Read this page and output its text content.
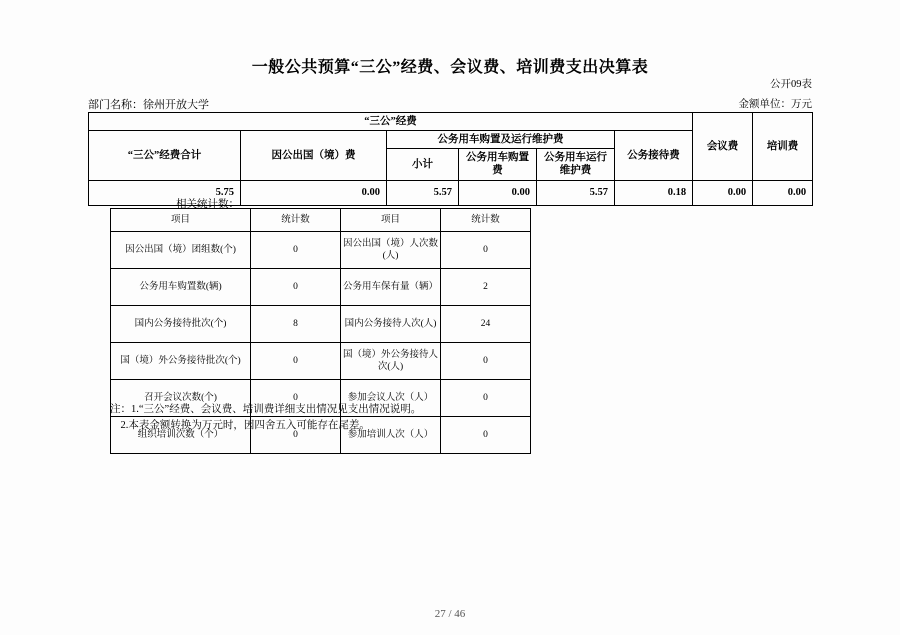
一般公共预算“三公”经费、会议费、培训费支出决算表
公开09表
部门名称：徐州开放大学	金额单位：万元
“三公”经费						会议费	培训费
“三公”经费合计	因公出国（境）费	公务用车购置及运行维护费			公务接待费		
		小计	公务用车购置费	公务用车运行维护费			
5.75	0.00	5.57	0.00	5.57	0.18	0.00	0.00
相关统计数：
项目	统计数	项目	统计数
因公出国（境）团组数(个)	0	因公出国（境）人次数(人)	0
公务用车购置数(辆)	0	公务用车保有量（辆）	2
国内公务接待批次(个)	8	国内公务接待人次(人)	24
国（境）外公务接待批次(个)	0	国（境）外公务接待人次(人)	0
召开会议次数(个)	0	参加会议人次（人）	0
组织培训次数（个）	0	参加培训人次（人）	0
注：1.“三公”经费、会议费、培训费详细支出情况见支出情况说明。
2.本表金额转换为万元时，因四舍五入可能存在尾差。
27 / 46
